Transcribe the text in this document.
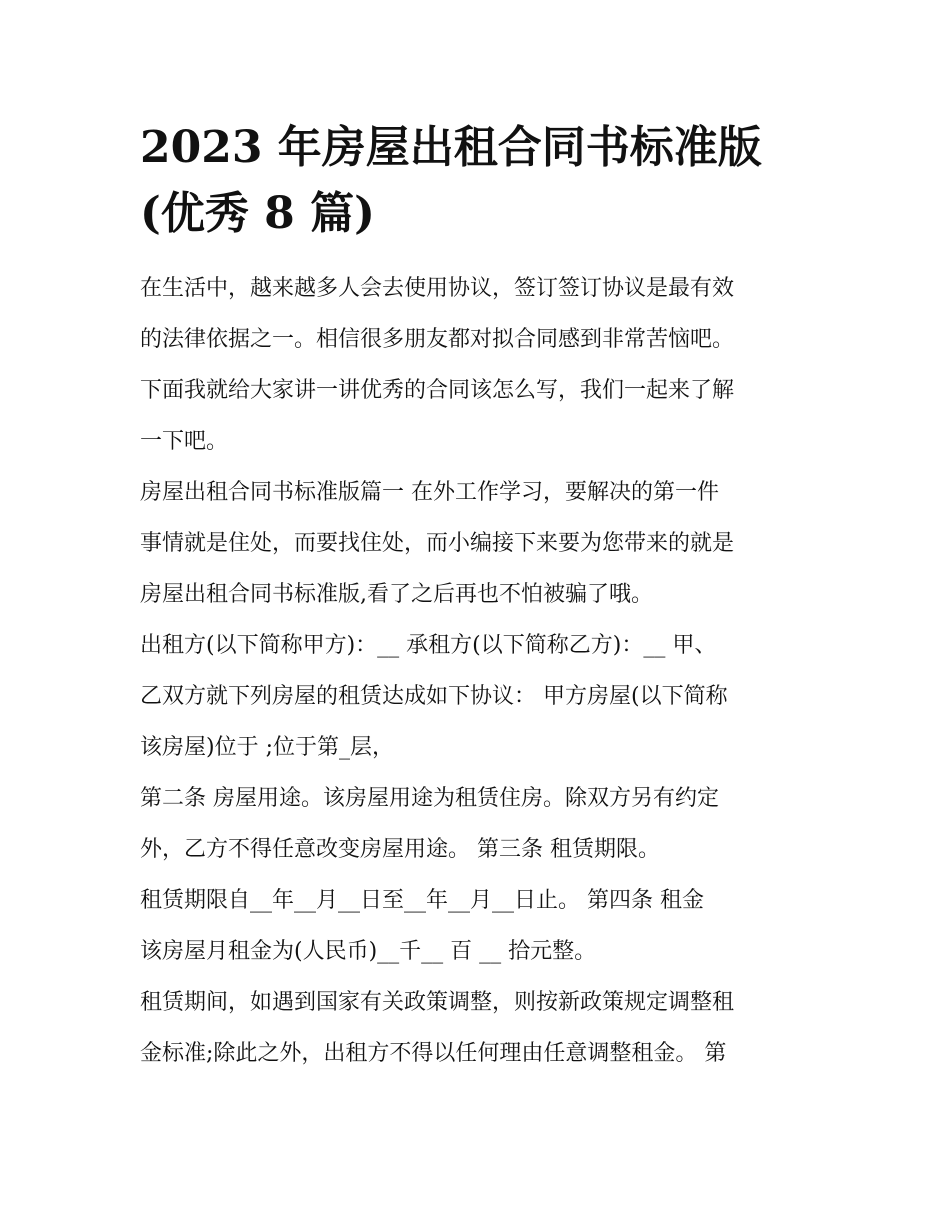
2023 年房屋出租合同书标准版
(优秀 8 篇)

在生活中，越来越多人会去使用协议，签订签订协议是最有效
的法律依据之一。相信很多朋友都对拟合同感到非常苦恼吧。
下面我就给大家讲一讲优秀的合同该怎么写，我们一起来了解
一下吧。

房屋出租合同书标准版篇一 在外工作学习，要解决的第一件
事情就是住处，而要找住处，而小编接下来要为您带来的就是
房屋出租合同书标准版,看了之后再也不怕被骗了哦。

出租方(以下简称甲方)：__ 承租方(以下简称乙方)：__ 甲、
乙双方就下列房屋的租赁达成如下协议： 甲方房屋(以下简称
该房屋)位于 ;位于第_层，

第二条 房屋用途。该房屋用途为租赁住房。除双方另有约定
外，乙方不得任意改变房屋用途。 第三条 租赁期限。

租赁期限自__年__月__日至__年__月__日止。 第四条 租金
该房屋月租金为(人民币)__千__ 百 __ 拾元整。

租赁期间，如遇到国家有关政策调整，则按新政策规定调整租
金标准;除此之外，出租方不得以任何理由任意调整租金。 第
